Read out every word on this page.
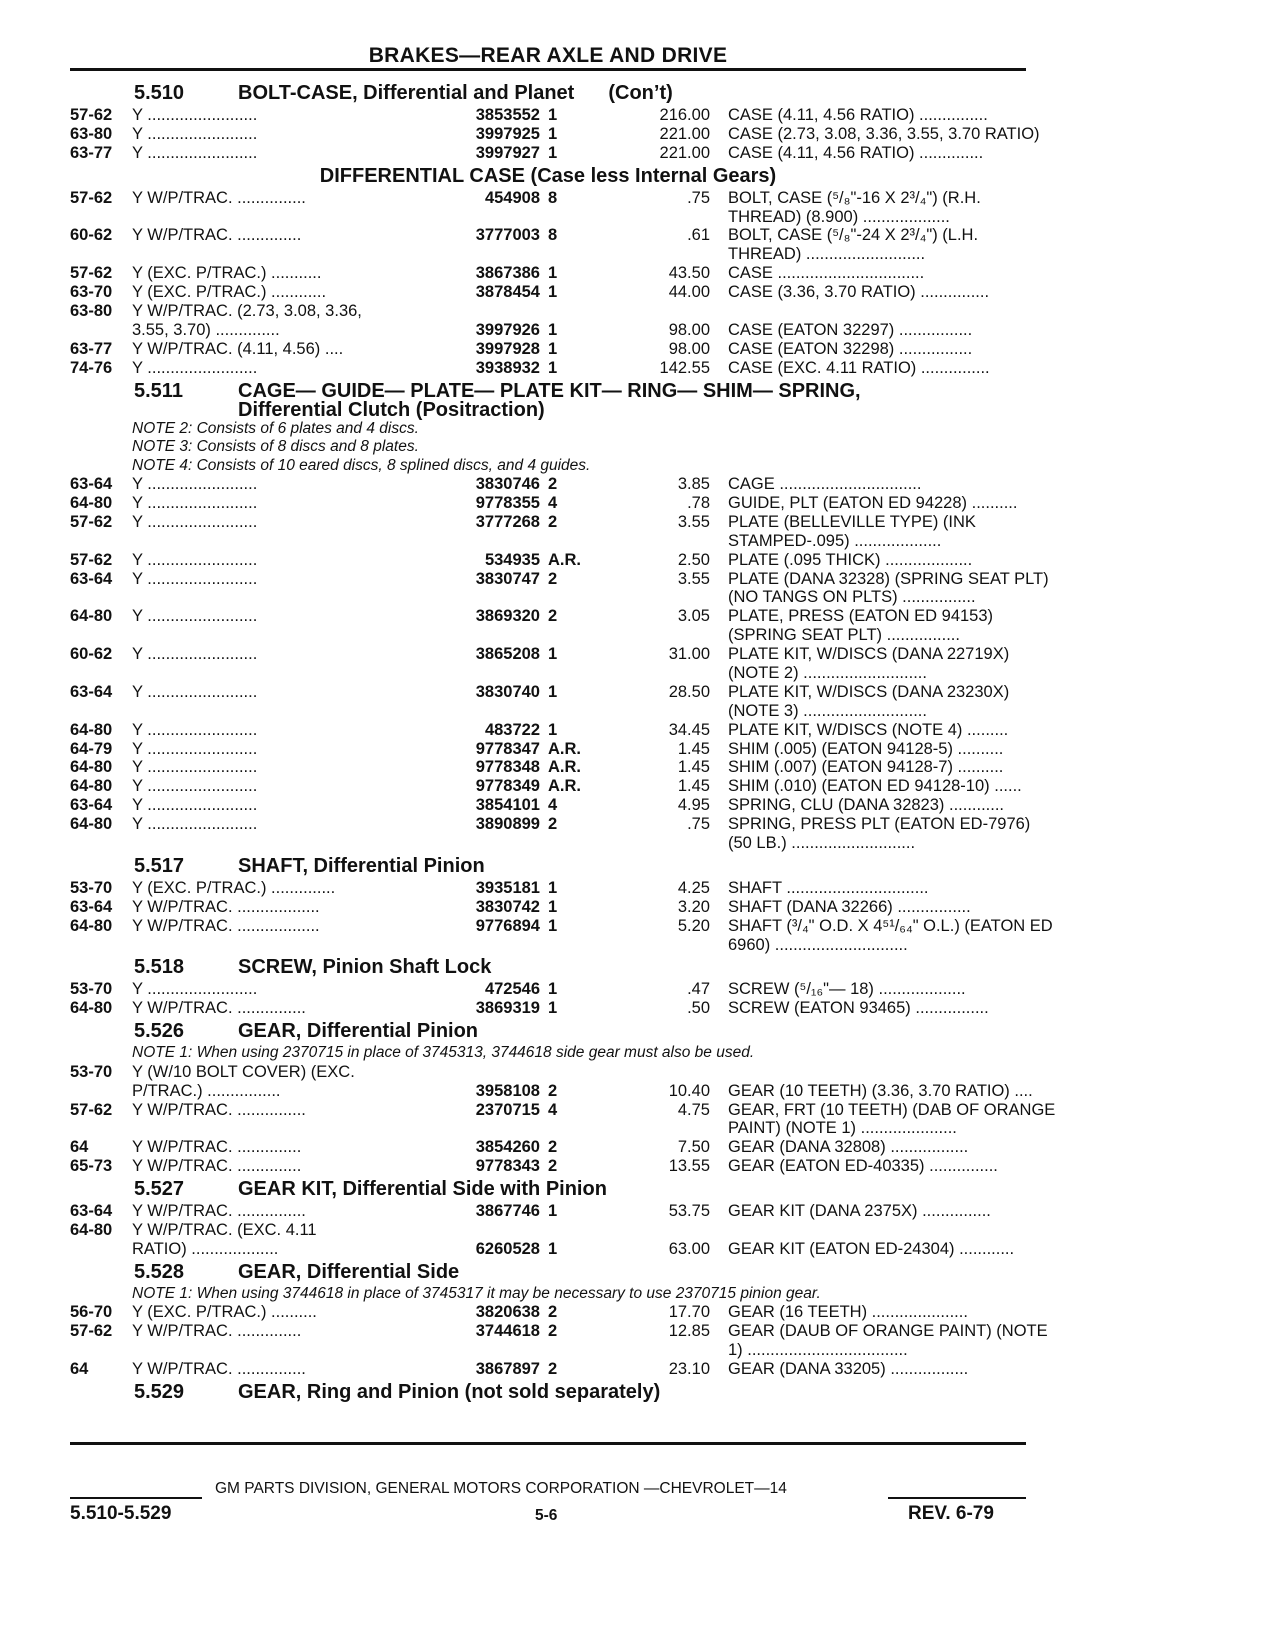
BRAKES—REAR AXLE AND DRIVE
5.510	BOLT-CASE, Differential and Planet (Con’t)
57-62 Y ........................	3853552 1	216.00 CASE (4.11, 4.56 RATIO) ...............
63-80 Y ........................	3997925 1	221.00 CASE (2.73, 3.08, 3.36, 3.55, 3.70 RATIO)
63-77 Y ........................	3997927 1	221.00 CASE (4.11, 4.56 RATIO) ..............
DIFFERENTIAL CASE (Case less Internal Gears)
57-62 Y W/P/TRAC. ...............	454908 8	.75 BOLT, CASE (⁵/₈"-16 X 2³/₄") (R.H.
THREAD) (8.900) ...................
60-62 Y W/P/TRAC. ..............	3777003 8	.61 BOLT, CASE (⁵/₈"-24 X 2³/₄") (L.H.
THREAD) ..........................
57-62 Y (EXC. P/TRAC.) ...........	3867386 1	43.50 CASE ................................
63-70 Y (EXC. P/TRAC.) ............	3878454 1	44.00 CASE (3.36, 3.70 RATIO) ...............
63-80 Y W/P/TRAC. (2.73, 3.08, 3.36,
3.55, 3.70) ..............	3997926 1	98.00 CASE (EATON 32297) ................
63-77 Y W/P/TRAC. (4.11, 4.56) ....	3997928 1	98.00 CASE (EATON 32298) ................
74-76 Y ........................	3938932 1	142.55 CASE (EXC. 4.11 RATIO) ...............
5.511	CAGE— GUIDE— PLATE— PLATE KIT— RING— SHIM— SPRING,
Differential Clutch (Positraction)
NOTE 2: Consists of 6 plates and 4 discs.
NOTE 3: Consists of 8 discs and 8 plates.
NOTE 4: Consists of 10 eared discs, 8 splined discs, and 4 guides.
63-64 Y ........................	3830746 2	3.85 CAGE ...............................
64-80 Y ........................	9778355 4	.78 GUIDE, PLT (EATON ED 94228) ..........
57-62 Y ........................	3777268 2	3.55 PLATE (BELLEVILLE TYPE) (INK
STAMPED-.095) ...................
57-62 Y ........................	534935 A.R.	2.50 PLATE (.095 THICK) ...................
63-64 Y ........................	3830747 2	3.55 PLATE (DANA 32328) (SPRING SEAT PLT)
(NO TANGS ON PLTS) ................
64-80 Y ........................	3869320 2	3.05 PLATE, PRESS (EATON ED 94153)
(SPRING SEAT PLT) ................
60-62 Y ........................	3865208 1	31.00 PLATE KIT, W/DISCS (DANA 22719X)
(NOTE 2) ...........................
63-64 Y ........................	3830740 1	28.50 PLATE KIT, W/DISCS (DANA 23230X)
(NOTE 3) ...........................
64-80 Y ........................	483722 1	34.45 PLATE KIT, W/DISCS (NOTE 4) .........
64-79 Y ........................	9778347 A.R.	1.45 SHIM (.005) (EATON 94128-5) ..........
64-80 Y ........................	9778348 A.R.	1.45 SHIM (.007) (EATON 94128-7) ..........
64-80 Y ........................	9778349 A.R.	1.45 SHIM (.010) (EATON ED 94128-10) ......
63-64 Y ........................	3854101 4	4.95 SPRING, CLU (DANA 32823) ............
64-80 Y ........................	3890899 2	.75 SPRING, PRESS PLT (EATON ED-7976)
(50 LB.) ...........................
5.517	SHAFT, Differential Pinion
53-70 Y (EXC. P/TRAC.) ..............	3935181 1	4.25 SHAFT ...............................
63-64 Y W/P/TRAC. ..................	3830742 1	3.20 SHAFT (DANA 32266) ................
64-80 Y W/P/TRAC. ..................	9776894 1	5.20 SHAFT (³/₄" O.D. X 4⁵¹/₆₄" O.L.) (EATON ED
6960) .............................
5.518	SCREW, Pinion Shaft Lock
53-70 Y ........................	472546 1	.47 SCREW (⁵/₁₆"— 18) ...................
64-80 Y W/P/TRAC. ...............	3869319 1	.50 SCREW (EATON 93465) ................
5.526	GEAR, Differential Pinion
NOTE 1: When using 2370715 in place of 3745313, 3744618 side gear must also be used.
53-70 Y (W/10 BOLT COVER) (EXC.
P/TRAC.) ................	3958108 2	10.40 GEAR (10 TEETH) (3.36, 3.70 RATIO) ....
57-62 Y W/P/TRAC. ...............	2370715 4	4.75 GEAR, FRT (10 TEETH) (DAB OF ORANGE
PAINT) (NOTE 1) .....................
64	Y W/P/TRAC. ..............	3854260 2	7.50 GEAR (DANA 32808) .................
65-73 Y W/P/TRAC. ..............	9778343 2	13.55 GEAR (EATON ED-40335) ...............
5.527	GEAR KIT, Differential Side with Pinion
63-64 Y W/P/TRAC. ...............	3867746 1	53.75 GEAR KIT (DANA 2375X) ...............
64-80 Y W/P/TRAC. (EXC. 4.11
RATIO) ...................	6260528 1	63.00 GEAR KIT (EATON ED-24304) ............
5.528	GEAR, Differential Side
NOTE 1: When using 3744618 in place of 3745317 it may be necessary to use 2370715 pinion gear.
56-70 Y (EXC. P/TRAC.) ..........	3820638 2	17.70 GEAR (16 TEETH) .....................
57-62 Y W/P/TRAC. ..............	3744618 2	12.85 GEAR (DAUB OF ORANGE PAINT) (NOTE
1) ...................................
64	Y W/P/TRAC. ...............	3867897 2	23.10 GEAR (DANA 33205) .................
5.529	GEAR, Ring and Pinion (not sold separately)
GM PARTS DIVISION, GENERAL MOTORS CORPORATION —CHEVROLET—14
5.510-5.529	5-6	REV. 6-79
